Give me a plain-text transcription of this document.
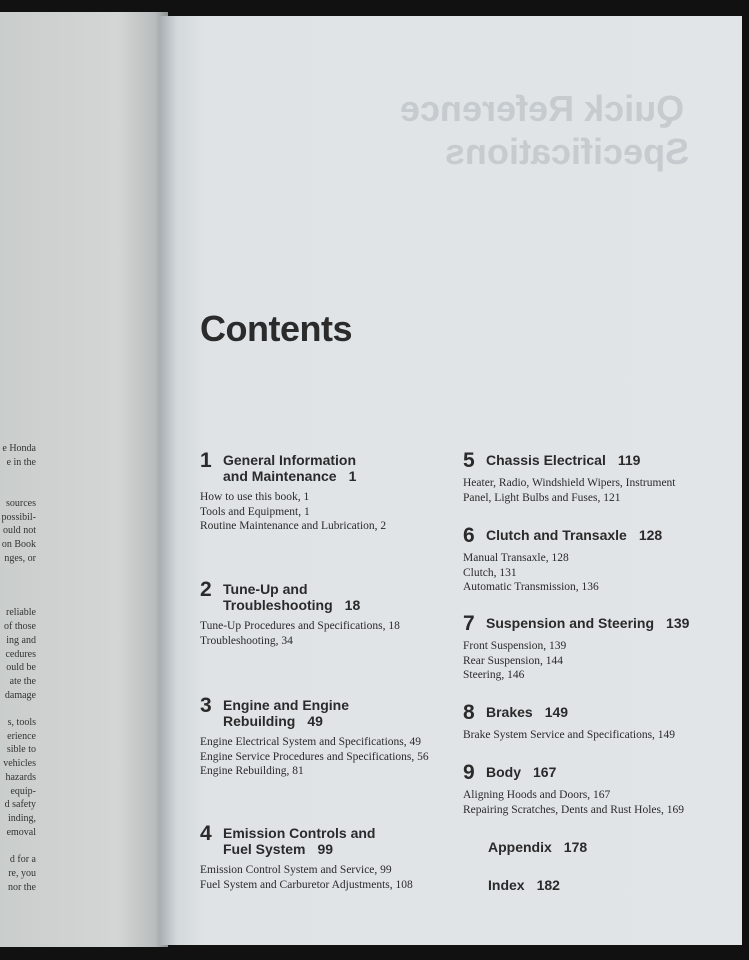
e Honda
e in the

sources
possibil-
ould not
on Book
nges, or

reliable
of those
ing and
cedures
ould be
ate the
damage

s, tools
erience
sible to
vehicles
hazards
equip-
d safety
inding,
emoval

d for a
re, you
nor the
Quick Reference
Specifications
Contents
1 General Information
and Maintenance 1
How to use this book, 1
Tools and Equipment, 1
Routine Maintenance and Lubrication, 2
2 Tune-Up and
Troubleshooting 18
Tune-Up Procedures and Specifications, 18
Troubleshooting, 34
3 Engine and Engine
Rebuilding 49
Engine Electrical System and Specifications, 49
Engine Service Procedures and Specifications, 56
Engine Rebuilding, 81
4 Emission Controls and
Fuel System 99
Emission Control System and Service, 99
Fuel System and Carburetor Adjustments, 108
5 Chassis Electrical 119
Heater, Radio, Windshield Wipers, Instrument
Panel, Light Bulbs and Fuses, 121
6 Clutch and Transaxle 128
Manual Transaxle, 128
Clutch, 131
Automatic Transmission, 136
7 Suspension and Steering 139
Front Suspension, 139
Rear Suspension, 144
Steering, 146
8 Brakes 149
Brake System Service and Specifications, 149
9 Body 167
Aligning Hoods and Doors, 167
Repairing Scratches, Dents and Rust Holes, 169
Appendix 178
Index 182
